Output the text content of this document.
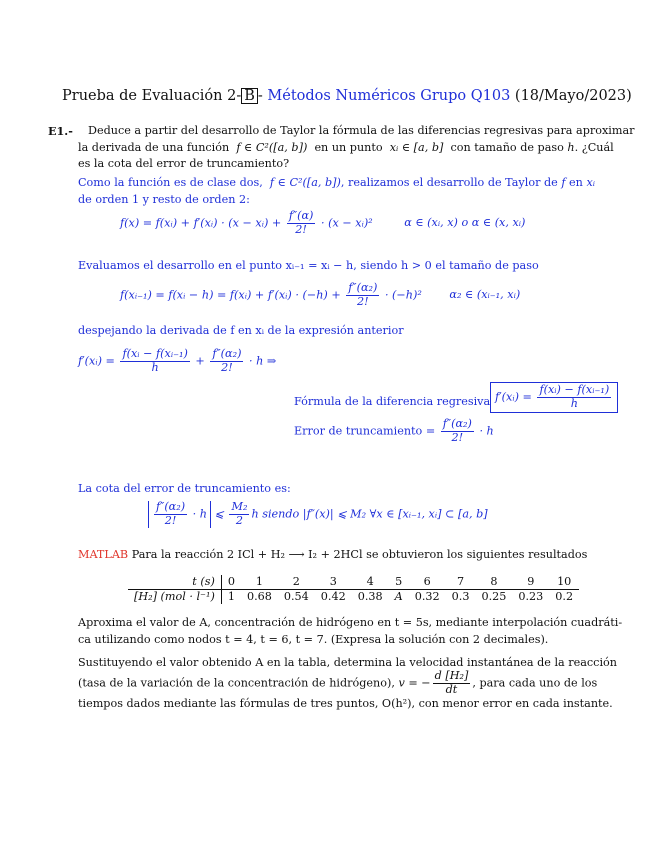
Prueba de Evaluación 2- B - Métodos Numéricos Grupo Q103 (18/Mayo/2023)
E1.- Deduce a partir del desarrollo de Taylor la fórmula de las diferencias regresivas para aproximar
la derivada de una función f ∈ C²([a, b]) en un punto xᵢ ∈ [a, b] con tamaño de paso h. ¿Cuál
es la cota del error de truncamiento?
Como la función es de clase dos, f ∈ C²([a, b]), realizamos el desarrollo de Taylor de f en xᵢ
de orden 1 y resto de orden 2:
f(x) = f(xᵢ) + f′(xᵢ) · (x − xᵢ) + $\frac{f''(\alpha)}{2!} \cdot (x$ − xᵢ)²	α ∈ (xᵢ, x) o α ∈ (x, xᵢ)
Evaluamos el desarrollo en el punto xᵢ₋₁ = xᵢ − h, siendo h > 0 el tamaño de paso
f(xᵢ₋₁) = f(xᵢ − h) = f(xᵢ) + f′(xᵢ) · $(-h) + \frac{\text{f″(α₂)}}{2!} \cdot (-h)^2$ α₂ ∈ (xᵢ₋₁, xᵢ)
despejando la derivada de f en xᵢ de la expresión anterior
f′(xᵢ) = $\frac{\text{f(xᵢ − f(xᵢ₋₁)}}{h} + \frac{\text{f″(α₂)}}{2!} \cdot h$ ⇒
Fórmula de la diferencia regresiva f′(xᵢ) = $\frac{\text{f(xᵢ) − f(xᵢ₋₁)}}{h}$
Error de truncamiento = $\frac{\text{f″(α₂)}}{2!} \cdot h$
La cota del error de truncamiento es:
$\frac{\text{f″(α₂)}}{2!} \cdot h$ ⩽ $\frac{\text{M₂}}{2}$ h siendo |f″(x)| ⩽ M₂ ∀x ∈ [xᵢ₋₁, xᵢ] ⊂ [a, b]
MATLAB Para la reacción 2 ICl + H₂ ⟶ I₂ + 2HCl se obtuvieron los siguientes resultados
t (s)	0	1	2	3	4	5	6	7	8	9	10
[H₂] (mol · l⁻¹)	1	0.68	0.54	0.42	0.38	A	0.32	0.3	0.25	0.23	0.2
Aproxima el valor de A, concentración de hidrógeno en t = 5s, mediante interpolación cuadráti-
ca utilizando como nodos t = 4, t = 6, t = 7. (Expresa la solución con 2 decimales).
Sustituyendo el valor obtenido A en la tabla, determina la velocidad instantánea de la reacción
(tasa de la variación de la concentración de hidrógeno), v = − $\frac{\text{d [H₂]}}{dt}$ , para cada uno de los
tiempos dados mediante las fórmulas de tres puntos, O(h²), con menor error en cada instante.
